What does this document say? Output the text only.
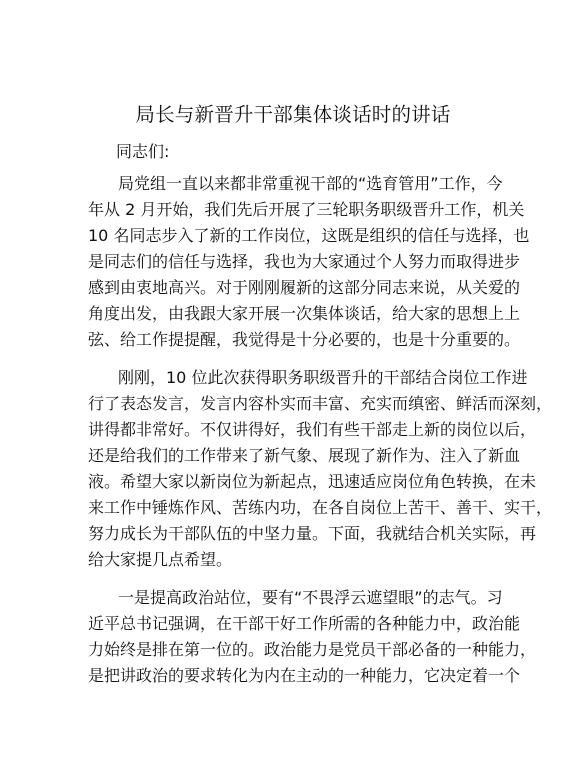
局长与新晋升干部集体谈话时的讲话
同志们:
局党组一直以来都非常重视干部的“选育管用”工作，今
年从 2 月开始，我们先后开展了三轮职务职级晋升工作，机关
10 名同志步入了新的工作岗位，这既是组织的信任与选择，也
是同志们的信任与选择，我也为大家通过个人努力而取得进步
感到由衷地高兴。对于刚刚履新的这部分同志来说，从关爱的
角度出发，由我跟大家开展一次集体谈话，给大家的思想上上
弦、给工作提提醒，我觉得是十分必要的，也是十分重要的。
刚刚，10 位此次获得职务职级晋升的干部结合岗位工作进
行了表态发言，发言内容朴实而丰富、充实而缜密、鲜活而深刻，
讲得都非常好。不仅讲得好，我们有些干部走上新的岗位以后，
还是给我们的工作带来了新气象、展现了新作为、注入了新血
液。希望大家以新岗位为新起点，迅速适应岗位角色转换，在未
来工作中锤炼作风、苦练内功，在各自岗位上苦干、善干、实干，
努力成长为干部队伍的中坚力量。下面，我就结合机关实际，再
给大家提几点希望。
一是提高政治站位，要有“不畏浮云遮望眼”的志气。习
近平总书记强调，在干部干好工作所需的各种能力中，政治能
力始终是排在第一位的。政治能力是党员干部必备的一种能力，
是把讲政治的要求转化为内在主动的一种能力，它决定着一个
